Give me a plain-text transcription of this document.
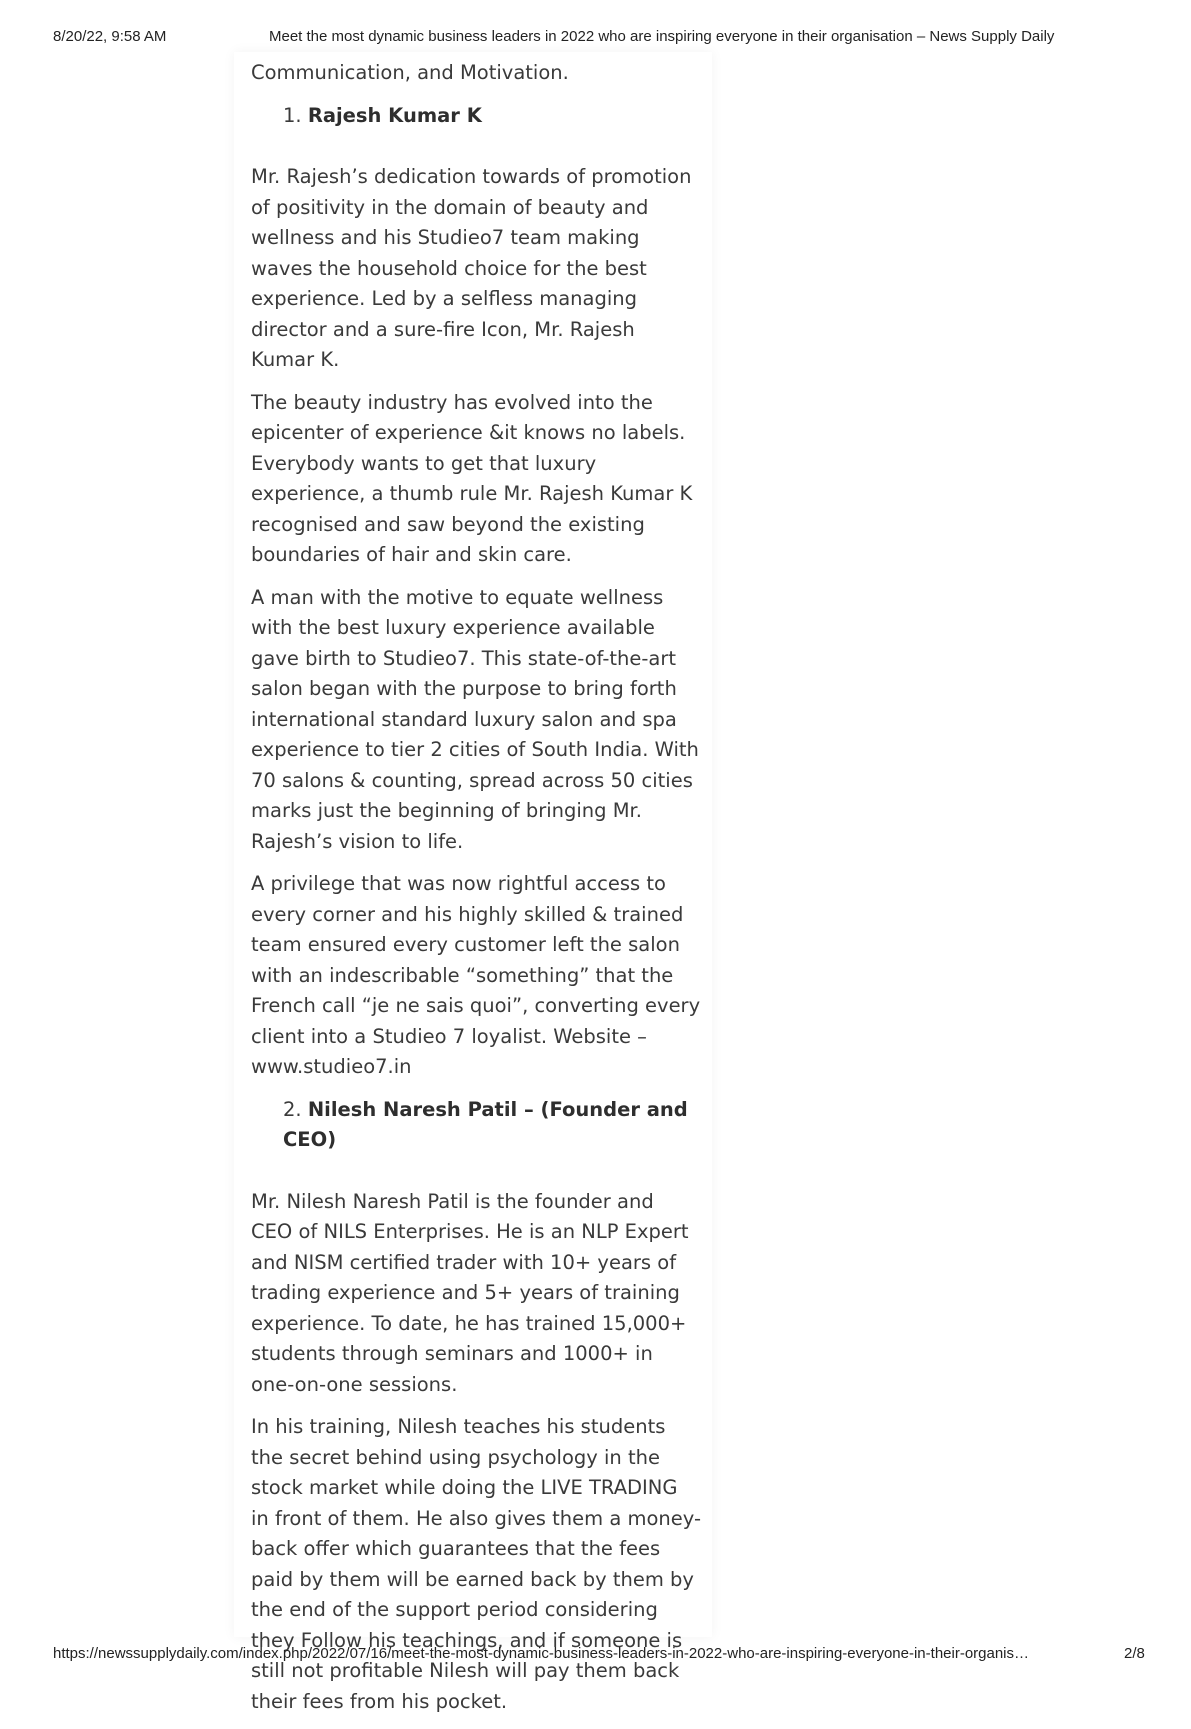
8/20/22, 9:58 AM	Meet the most dynamic business leaders in 2022 who are inspiring everyone in their organisation – News Supply Daily

Communication, and Motivation.

1. Rajesh Kumar K

Mr. Rajesh’s dedication towards of promotion of positivity in the domain of beauty and wellness and his Studieo7 team making waves the household choice for the best experience. Led by a selfless managing director and a sure-fire Icon, Mr. Rajesh Kumar K.

The beauty industry has evolved into the epicenter of experience &it knows no labels. Everybody wants to get that luxury experience, a thumb rule Mr. Rajesh Kumar K recognised and saw beyond the existing boundaries of hair and skin care.

A man with the motive to equate wellness with the best luxury experience available gave birth to Studieo7. This state-of-the-art salon began with the purpose to bring forth international standard luxury salon and spa experience to tier 2 cities of South India. With 70 salons & counting, spread across 50 cities marks just the beginning of bringing Mr. Rajesh’s vision to life.

A privilege that was now rightful access to every corner and his highly skilled & trained team ensured every customer left the salon with an indescribable “something” that the French call “je ne sais quoi”, converting every client into a Studieo 7 loyalist. Website – www.studieo7.in

2. Nilesh Naresh Patil – (Founder and CEO)

Mr. Nilesh Naresh Patil is the founder and CEO of NILS Enterprises. He is an NLP Expert and NISM certified trader with 10+ years of trading experience and 5+ years of training experience. To date, he has trained 15,000+ students through seminars and 1000+ in one-on-one sessions.

In his training, Nilesh teaches his students the secret behind using psychology in the stock market while doing the LIVE TRADING in front of them. He also gives them a money-back offer which guarantees that the fees paid by them will be earned back by them by the end of the support period considering they Follow his teachings, and if someone is still not profitable Nilesh will pay them back their fees from his pocket.

https://newssupplydaily.com/index.php/2022/07/16/meet-the-most-dynamic-business-leaders-in-2022-who-are-inspiring-everyone-in-their-organis…	2/8
